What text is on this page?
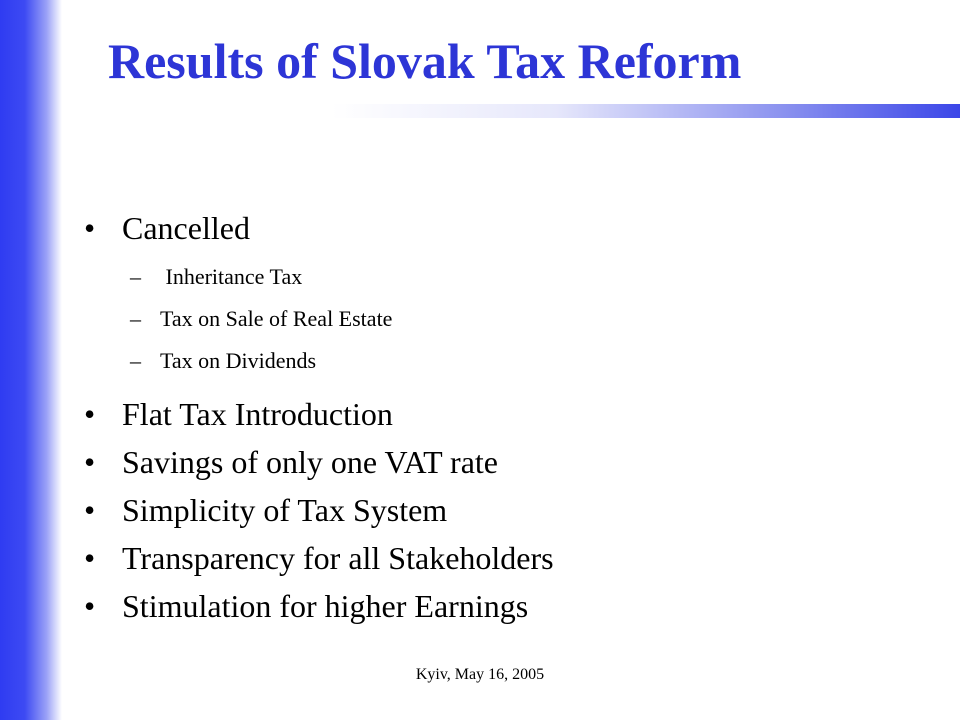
Results of Slovak Tax Reform
• Cancelled
– Inheritance Tax
– Tax on Sale of Real Estate
– Tax on Dividends
• Flat Tax Introduction
• Savings of only one VAT rate
• Simplicity of Tax System
• Transparency for all Stakeholders
• Stimulation for higher Earnings
Kyiv, May 16, 2005
